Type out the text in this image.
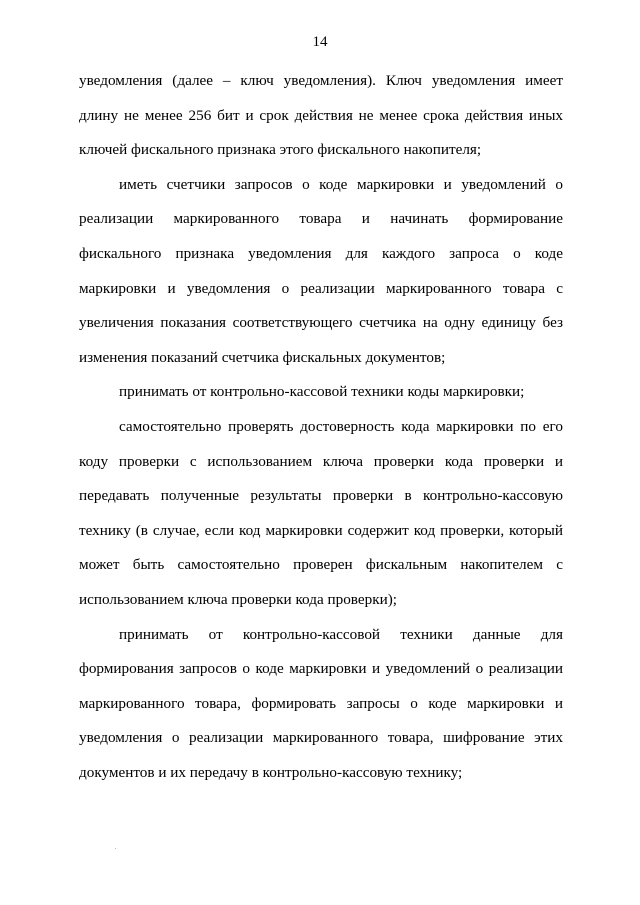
14

уведомления (далее – ключ уведомления). Ключ уведомления имеет длину не менее 256 бит и срок действия не менее срока действия иных ключей фискального признака этого фискального накопителя;

иметь счетчики запросов о коде маркировки и уведомлений о реализации маркированного товара и начинать формирование фискального признака уведомления для каждого запроса о коде маркировки и уведомления о реализации маркированного товара с увеличения показания соответствующего счетчика на одну единицу без изменения показаний счетчика фискальных документов;

принимать от контрольно-кассовой техники коды маркировки;

самостоятельно проверять достоверность кода маркировки по его коду проверки с использованием ключа проверки кода проверки и передавать полученные результаты проверки в контрольно-кассовую технику (в случае, если код маркировки содержит код проверки, который может быть самостоятельно проверен фискальным накопителем с использованием ключа проверки кода проверки);

принимать от контрольно-кассовой техники данные для формирования запросов о коде маркировки и уведомлений о реализации маркированного товара, формировать запросы о коде маркировки и уведомления о реализации маркированного товара, шифрование этих документов и их передачу в контрольно-кассовую технику;
